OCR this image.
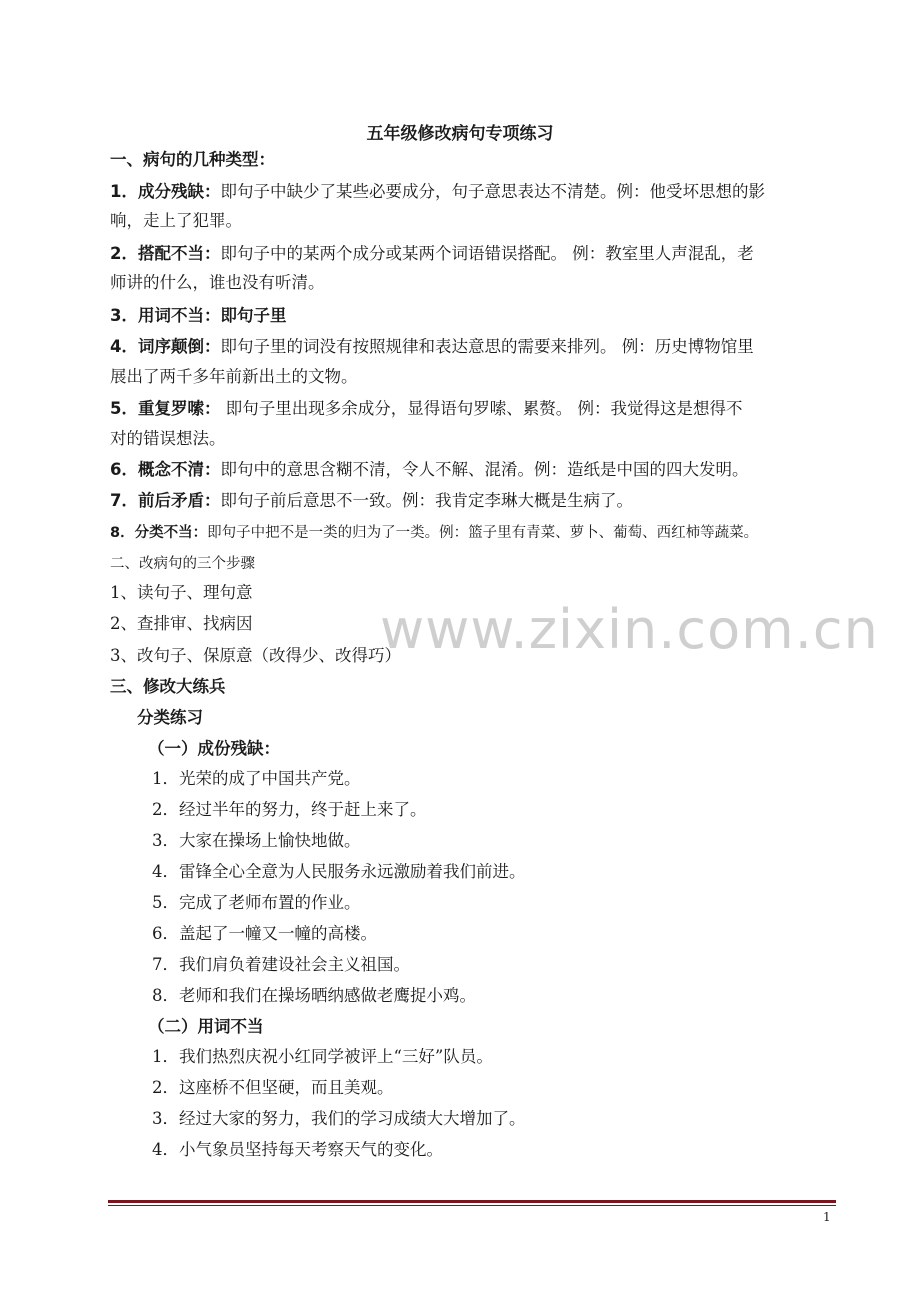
五年级修改病句专项练习
一、病句的几种类型：
1．成分残缺：即句子中缺少了某些必要成分，句子意思表达不清楚。例：他受坏思想的影
响，走上了犯罪。
2．搭配不当：即句子中的某两个成分或某两个词语错误搭配。 例：教室里人声混乱，老
师讲的什么，谁也没有听清。
3．用词不当：即句子里
4．词序颠倒：即句子里的词没有按照规律和表达意思的需要来排列。 例：历史博物馆里
展出了两千多年前新出土的文物。
5．重复罗嗦： 即句子里出现多余成分，显得语句罗嗦、累赘。 例：我觉得这是想得不
对的错误想法。
6．概念不清：即句中的意思含糊不清，令人不解、混淆。例：造纸是中国的四大发明。
7．前后矛盾：即句子前后意思不一致。例：我肯定李琳大概是生病了。
8．分类不当：即句子中把不是一类的归为了一类。例：篮子里有青菜、萝卜、葡萄、西红柿等蔬菜。
二、改病句的三个步骤
1、读句子、理句意
2、查排审、找病因
3、改句子、保原意（改得少、改得巧）
三、修改大练兵
分类练习
（一）成份残缺：
1．光荣的成了中国共产党。
2．经过半年的努力，终于赶上来了。
3．大家在操场上愉快地做。
4．雷锋全心全意为人民服务永远激励着我们前进。
5．完成了老师布置的作业。
6．盖起了一幢又一幢的高楼。
7．我们肩负着建设社会主义祖国。
8．老师和我们在操场晒纳感做老鹰捉小鸡。
（二）用词不当
1．我们热烈庆祝小红同学被评上“三好”队员。
2．这座桥不但坚硬，而且美观。
3．经过大家的努力，我们的学习成绩大大增加了。
4．小气象员坚持每天考察天气的变化。
www.zixin.com.cn
1
